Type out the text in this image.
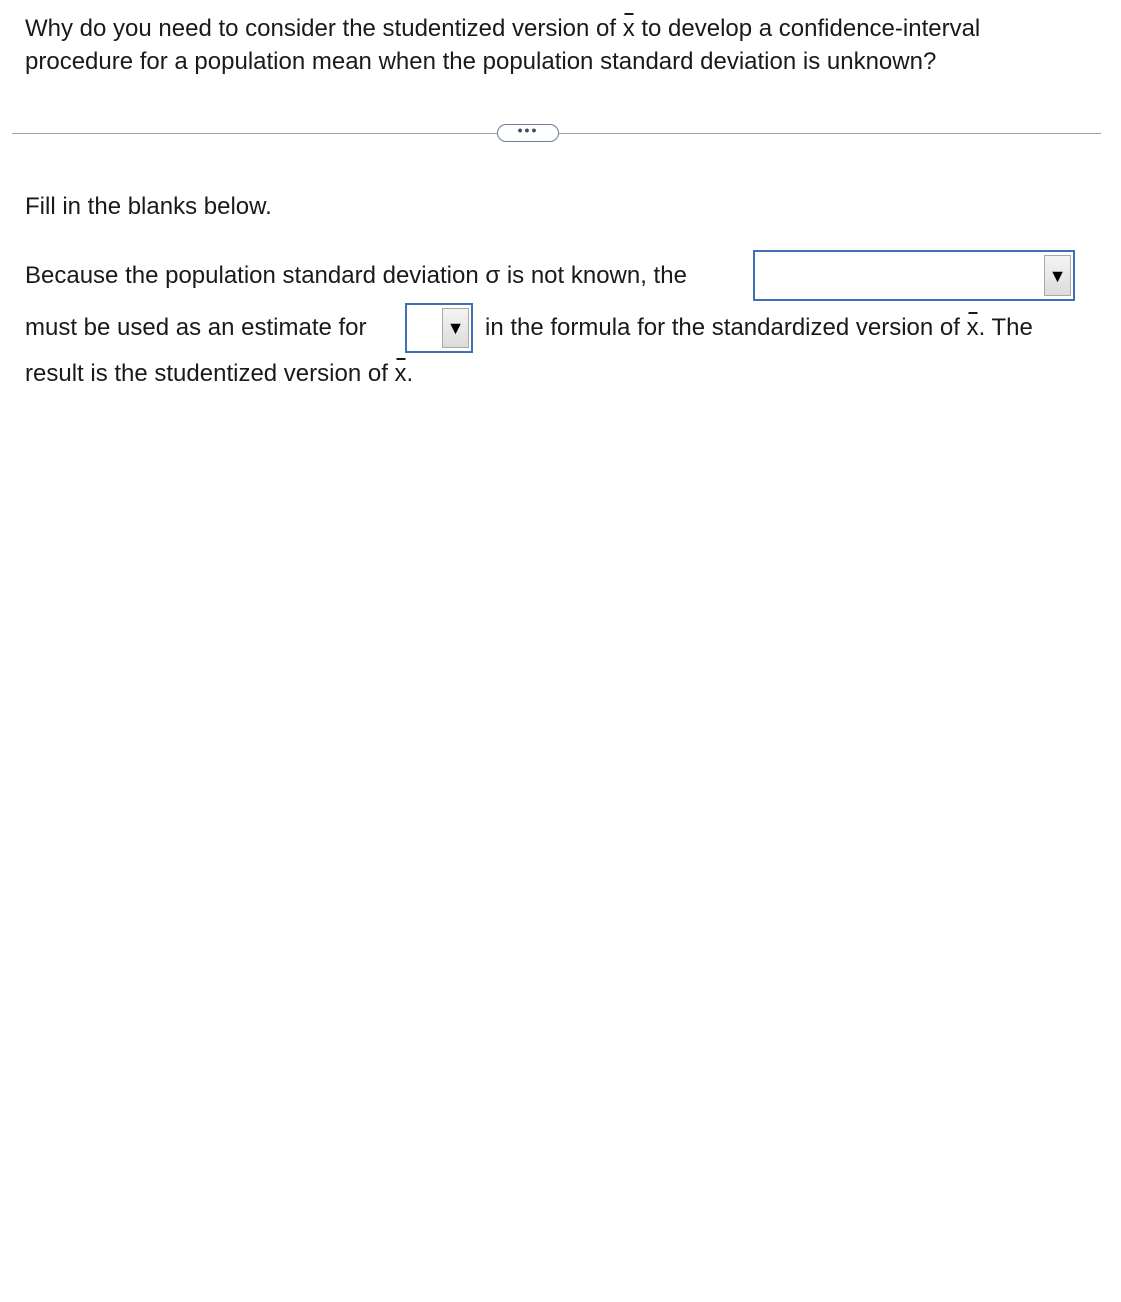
Why do you need to consider the studentized version of x to develop a confidence-interval procedure for a population mean when the population standard deviation is unknown?

•••

Fill in the blanks below.

Because the population standard deviation σ is not known, the	▼
must be used as an estimate for	▼ in the formula for the standardized version of x. The
result is the studentized version of x.
